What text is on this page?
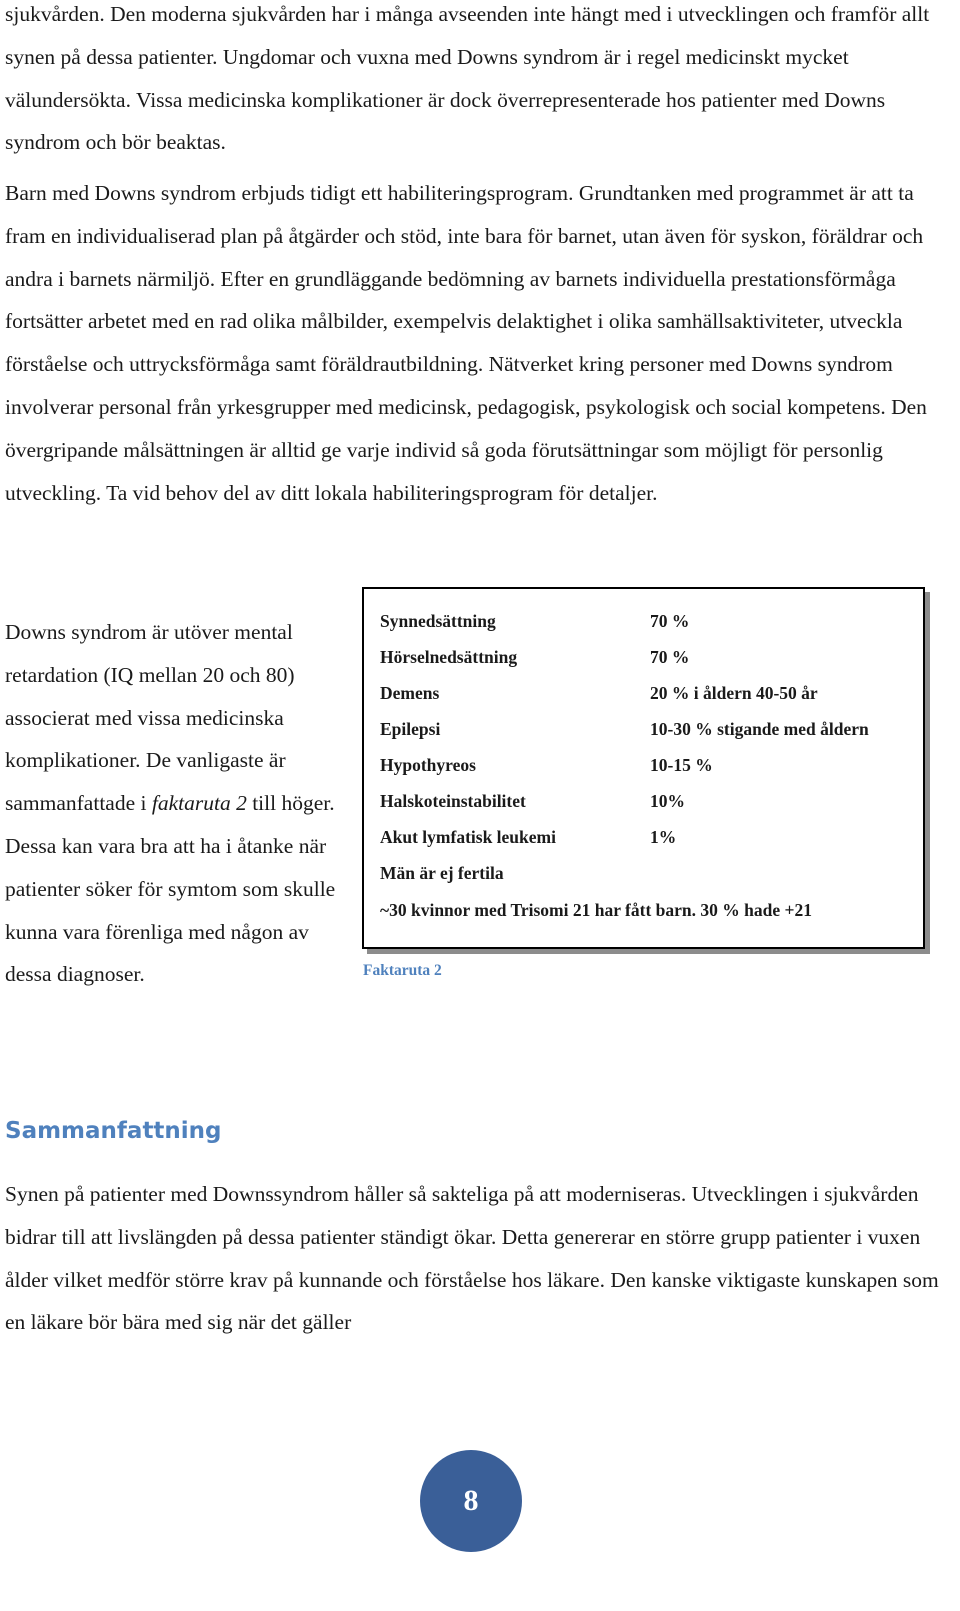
sjukvården. Den moderna sjukvården har i många avseenden inte hängt med i utvecklingen och framför allt synen på dessa patienter. Ungdomar och vuxna med Downs syndrom är i regel medicinskt mycket välundersökta. Vissa medicinska komplikationer är dock överrepresenterade hos patienter med Downs syndrom och bör beaktas.

Barn med Downs syndrom erbjuds tidigt ett habiliteringsprogram. Grundtanken med programmet är att ta fram en individualiserad plan på åtgärder och stöd, inte bara för barnet, utan även för syskon, föräldrar och andra i barnets närmiljö. Efter en grundläggande bedömning av barnets individuella prestationsförmåga fortsätter arbetet med en rad olika målbilder, exempelvis delaktighet i olika samhällsaktiviteter, utveckla förståelse och uttrycksförmåga samt föräldrautbildning. Nätverket kring personer med Downs syndrom involverar personal från yrkesgrupper med medicinsk, pedagogisk, psykologisk och social kompetens. Den övergripande målsättningen är alltid ge varje individ så goda förutsättningar som möjligt för personlig utveckling. Ta vid behov del av ditt lokala habiliteringsprogram för detaljer.

Downs syndrom är utöver mental retardation (IQ mellan 20 och 80) associerat med vissa medicinska komplikationer. De vanligaste är sammanfattade i faktaruta 2 till höger. Dessa kan vara bra att ha i åtanke när patienter söker för symtom som skulle kunna vara förenliga med någon av dessa diagnoser.

Synnedsättning	70 %
Hörselnedsättning	70 %
Demens	20 % i åldern 40-50 år
Epilepsi	10-30 % stigande med åldern
Hypothyreos	10-15 %
Halskoteinstabilitet	10%
Akut lymfatisk leukemi	1%
Män är ej fertila
~30 kvinnor med Trisomi 21 har fått barn. 30 % hade +21
Faktaruta 2
Sammanfattning

Synen på patienter med Downssyndrom håller så sakteliga på att moderniseras. Utvecklingen i sjukvården bidrar till att livslängden på dessa patienter ständigt ökar. Detta genererar en större grupp patienter i vuxen ålder vilket medför större krav på kunnande och förståelse hos läkare. Den kanske viktigaste kunskapen som en läkare bör bära med sig när det gäller

8
